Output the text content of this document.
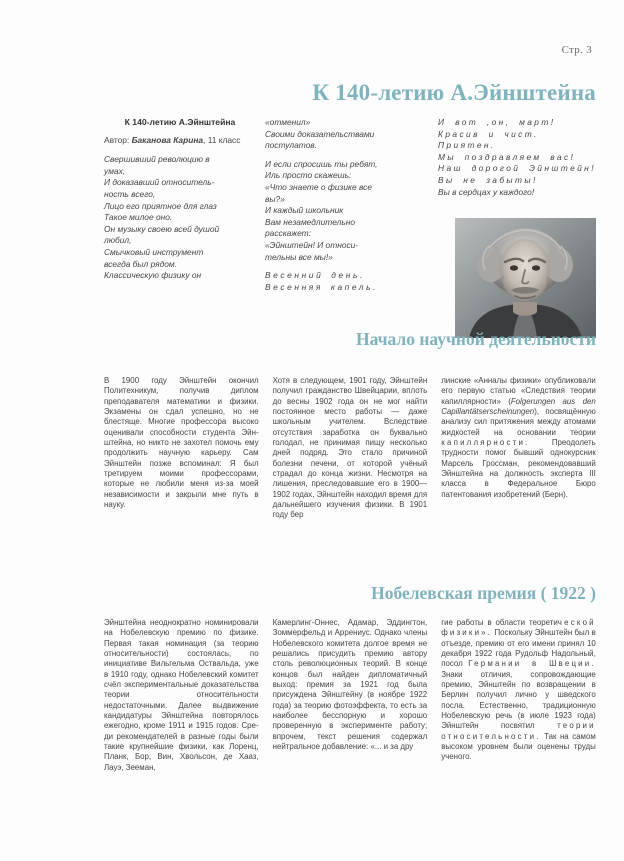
Стр. 3
К 140-летию А.Эйнштейна
К 140-летию А.Эйнштейна
Автор: Баканова Карина, 11 класс
Свершивший революцию в
умах,
И доказавший относитель-
ность всего,
Лицо его приятное для глаз
Такое милое оно.
Он музыку своею всей душой
любил,
Смычковый инструмент
всегда был рядом.
Классическую физику он
«отменил»
Своими доказательствами
постулатов.
И если спросишь ты ребят,
Иль просто скажешь:
«Что знаете о физике все
вы?»
И каждый школьник
Вам незамедлительно
расскажет:
«Эйнштейн! И относи-
тельны все мы!»
Весенний день.
Весенняя капель.
И вот ,он, март!
Красив и чист.
Приятен.
Мы поздравляем вас!
Наш дорогой Эйнштейн!
Вы не забыты!
Вы в сердцах у каждого!
Начало научной деятельности

В 1900 году Эйнштейн окончил Политехникум, получив диплом преподавателя математики и физики. Экзамены он сдал успешно, но не блестяще. Многие профессора высоко оценивали способности студента Эйнштейна, но никто не захотел помочь ему продолжить научную карьеру. Сам Эйнштейн позже вспоминал: Я был третируем моими профессорами, которые не любили меня из-за моей независимости и закрыли мне путь в науку.

Хотя в следующем, 1901 году, Эйнштейн получил гражданство Швейцарии, вплоть до весны 1902 года он не мог найти постоянное место работы — даже школьным учителем. Вследствие отсутствия заработка он буквально голодал, не принимая пищу несколько дней подряд. Это стало причиной болезни печени, от которой учёный страдал до конца жизни. Несмотря на лишения, преследовавшие его в 1900—1902 годах, Эйнштейн находил время для дальнейшего изучения физики. В 1901 году бер

линские «Анналы физики» опубликовали его первую статью «Следствия теории капиллярности» (Folgerungen aus den Capillantätserscheinungen), посвящённую анализу сил притяжения между атомами жидкостей на основании теории капиллярности. Преодолеть трудности помог бывший однокурсник Марсель Гроссман, рекомендовавший Эйнштейна на должность эксперта III класса в Федеральное Бюро патентования изобретений (Берн).

Нобелевская премия ( 1922 )

Эйнштейна неоднократно номинировали на Нобелевскую премию по физике. Первая такая номинация (за теорию относительности) состоялась, по инициативе Вильгельма Оствальда, уже в 1910 году, однако Нобелевский комитет счёл экспериментальные доказательства теории относительности недостаточными. Далее выдвижение кандидатуры Эйнштейна повторялось ежегодно, кроме 1911 и 1915 годов. Среди рекомендателей в разные годы были такие крупнейшие физики, как Лоренц, Планк, Бор, Вин, Хвольсон, де Хааз, Лауэ, Зееман,

Камерлинг-Оннес, Адамар, Эддингтон, Зоммерфельд и Аррениус. Однако члены Нобелевского комитета долгое время не решались присудить премию автору столь революционных теорий. В конце концов был найден дипломатичный выход: премия за 1921 год была присуждена Эйнштейну (в ноябре 1922 года) за теорию фотоэффекта, то есть за наиболее бесспорную и хорошо проверенную в эксперименте работу; впрочем, текст решения содержал нейтральное добавление: «... и за дру

гие работы в области теоретической физики». Поскольку Эйнштейн был в отъезде, премию от его имени принял 10 декабря 1922 года Рудольф Надольный, посол Германии в Швеции. Знаки отличия, сопровождающие премию, Эйнштейн по возвращении в Берлин получил лично у шведского посла. Естественно, традиционную Нобелевскую речь (в июле 1923 года) Эйнштейн посвятил теории относительности. Так на самом высоком уровнем были оценены труды ученого.
